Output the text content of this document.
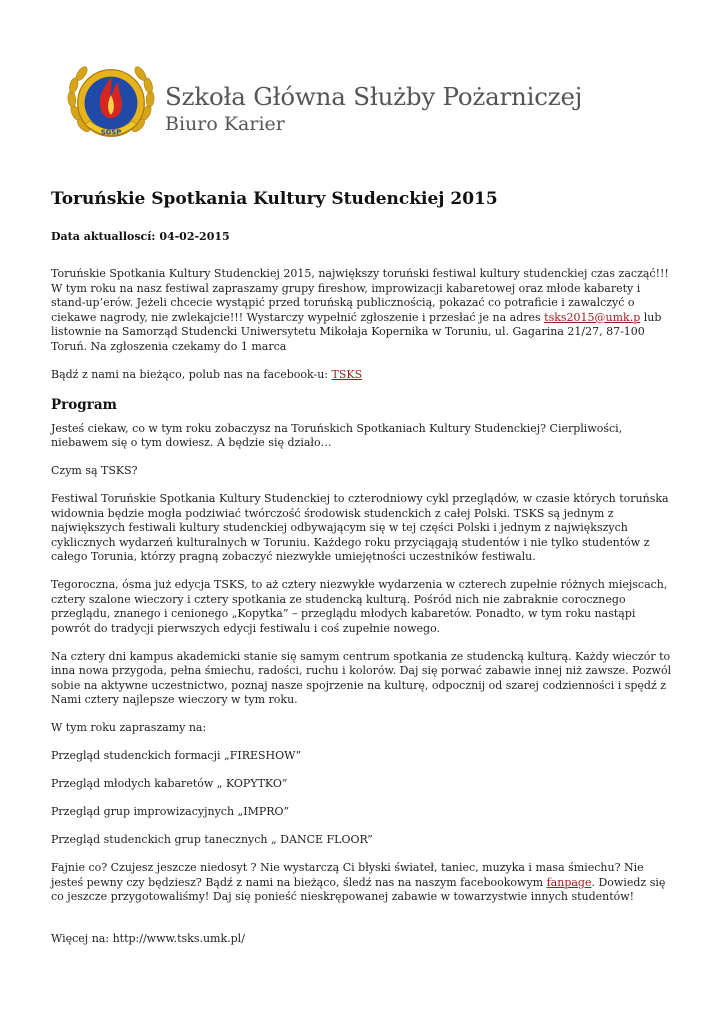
SGSP
Szkoła Główna Służby Pożarniczej
Biuro Karier
Toruńskie Spotkania Kultury Studenckiej 2015
Data aktualloscí: 04-02-2015

Toruńskie Spotkania Kultury Studenckiej 2015, największy toruński festiwal kultury studenckiej czas zacząć!!! W tym roku na nasz festiwal zapraszamy grupy fireshow, improwizacji kabaretowej oraz młode kabarety i stand-up’erów. Jeżeli chcecie wystąpić przed toruńską publicznością, pokazać co potraficie i zawalczyć o ciekawe nagrody, nie zwlekajcie!!! Wystarczy wypełnić zgłoszenie i przesłać je na adres tsks2015@umk.p lub listownie na Samorząd Studencki Uniwersytetu Mikołaja Kopernika w Toruniu, ul. Gagarina 21/27, 87-100 Toruń. Na zgłoszenia czekamy do 1 marca

Bądź z nami na bieżąco, polub nas na facebook-u: TSKS

Program

Jesteś ciekaw, co w tym roku zobaczysz na Toruńskich Spotkaniach Kultury Studenckiej? Cierpliwości, niebawem się o tym dowiesz. A będzie się działo…

Czym są TSKS?

Festiwal Toruńskie Spotkania Kultury Studenckiej to czterodniowy cykl przeglądów, w czasie których toruńska widownia będzie mogła podziwiać twórczość środowisk studenckich z całej Polski. TSKS są jednym z największych festiwali kultury studenckiej odbywającym się w tej części Polski i jednym z największych cyklicznych wydarzeń kulturalnych w Toruniu. Każdego roku przyciągają studentów i nie tylko studentów z całego Torunia, którzy pragną zobaczyć niezwykłe umiejętności uczestników festiwalu.

Tegoroczna, ósma już edycja TSKS, to aż cztery niezwykłe wydarzenia w czterech zupełnie różnych miejscach, cztery szalone wieczory i cztery spotkania ze studencką kulturą. Pośród nich nie zabraknie corocznego przeglądu, znanego i cenionego „Kopytka” – przeglądu młodych kabaretów. Ponadto, w tym roku nastąpi powrót do tradycji pierwszych edycji festiwalu i coś zupełnie nowego.

Na cztery dni kampus akademicki stanie się samym centrum spotkania ze studencką kulturą. Każdy wieczór to inna nowa przygoda, pełna śmiechu, radości, ruchu i kolorów. Daj się porwać zabawie innej niż zawsze. Pozwól sobie na aktywne uczestnictwo, poznaj nasze spojrzenie na kulturę, odpocznij od szarej codzienności i spędź z Nami cztery najlepsze wieczory w tym roku.

W tym roku zapraszamy na:

Przegląd studenckich formacji „FIRESHOW”

Przegląd młodych kabaretów „ KOPYTKO”

Przegląd grup improwizacyjnych „IMPRO”

Przegląd studenckich grup tanecznych „ DANCE FLOOR”

Fajnie co? Czujesz jeszcze niedosyt ? Nie wystarczą Ci błyski świateł, taniec, muzyka i masa śmiechu? Nie jesteś pewny czy będziesz? Bądź z nami na bieżąco, śledź nas na naszym facebookowym fanpage. Dowiedz się co jeszcze przygotowaliśmy! Daj się ponieść nieskrępowanej zabawie w towarzystwie innych studentów!

Więcej na: http://www.tsks.umk.pl/
